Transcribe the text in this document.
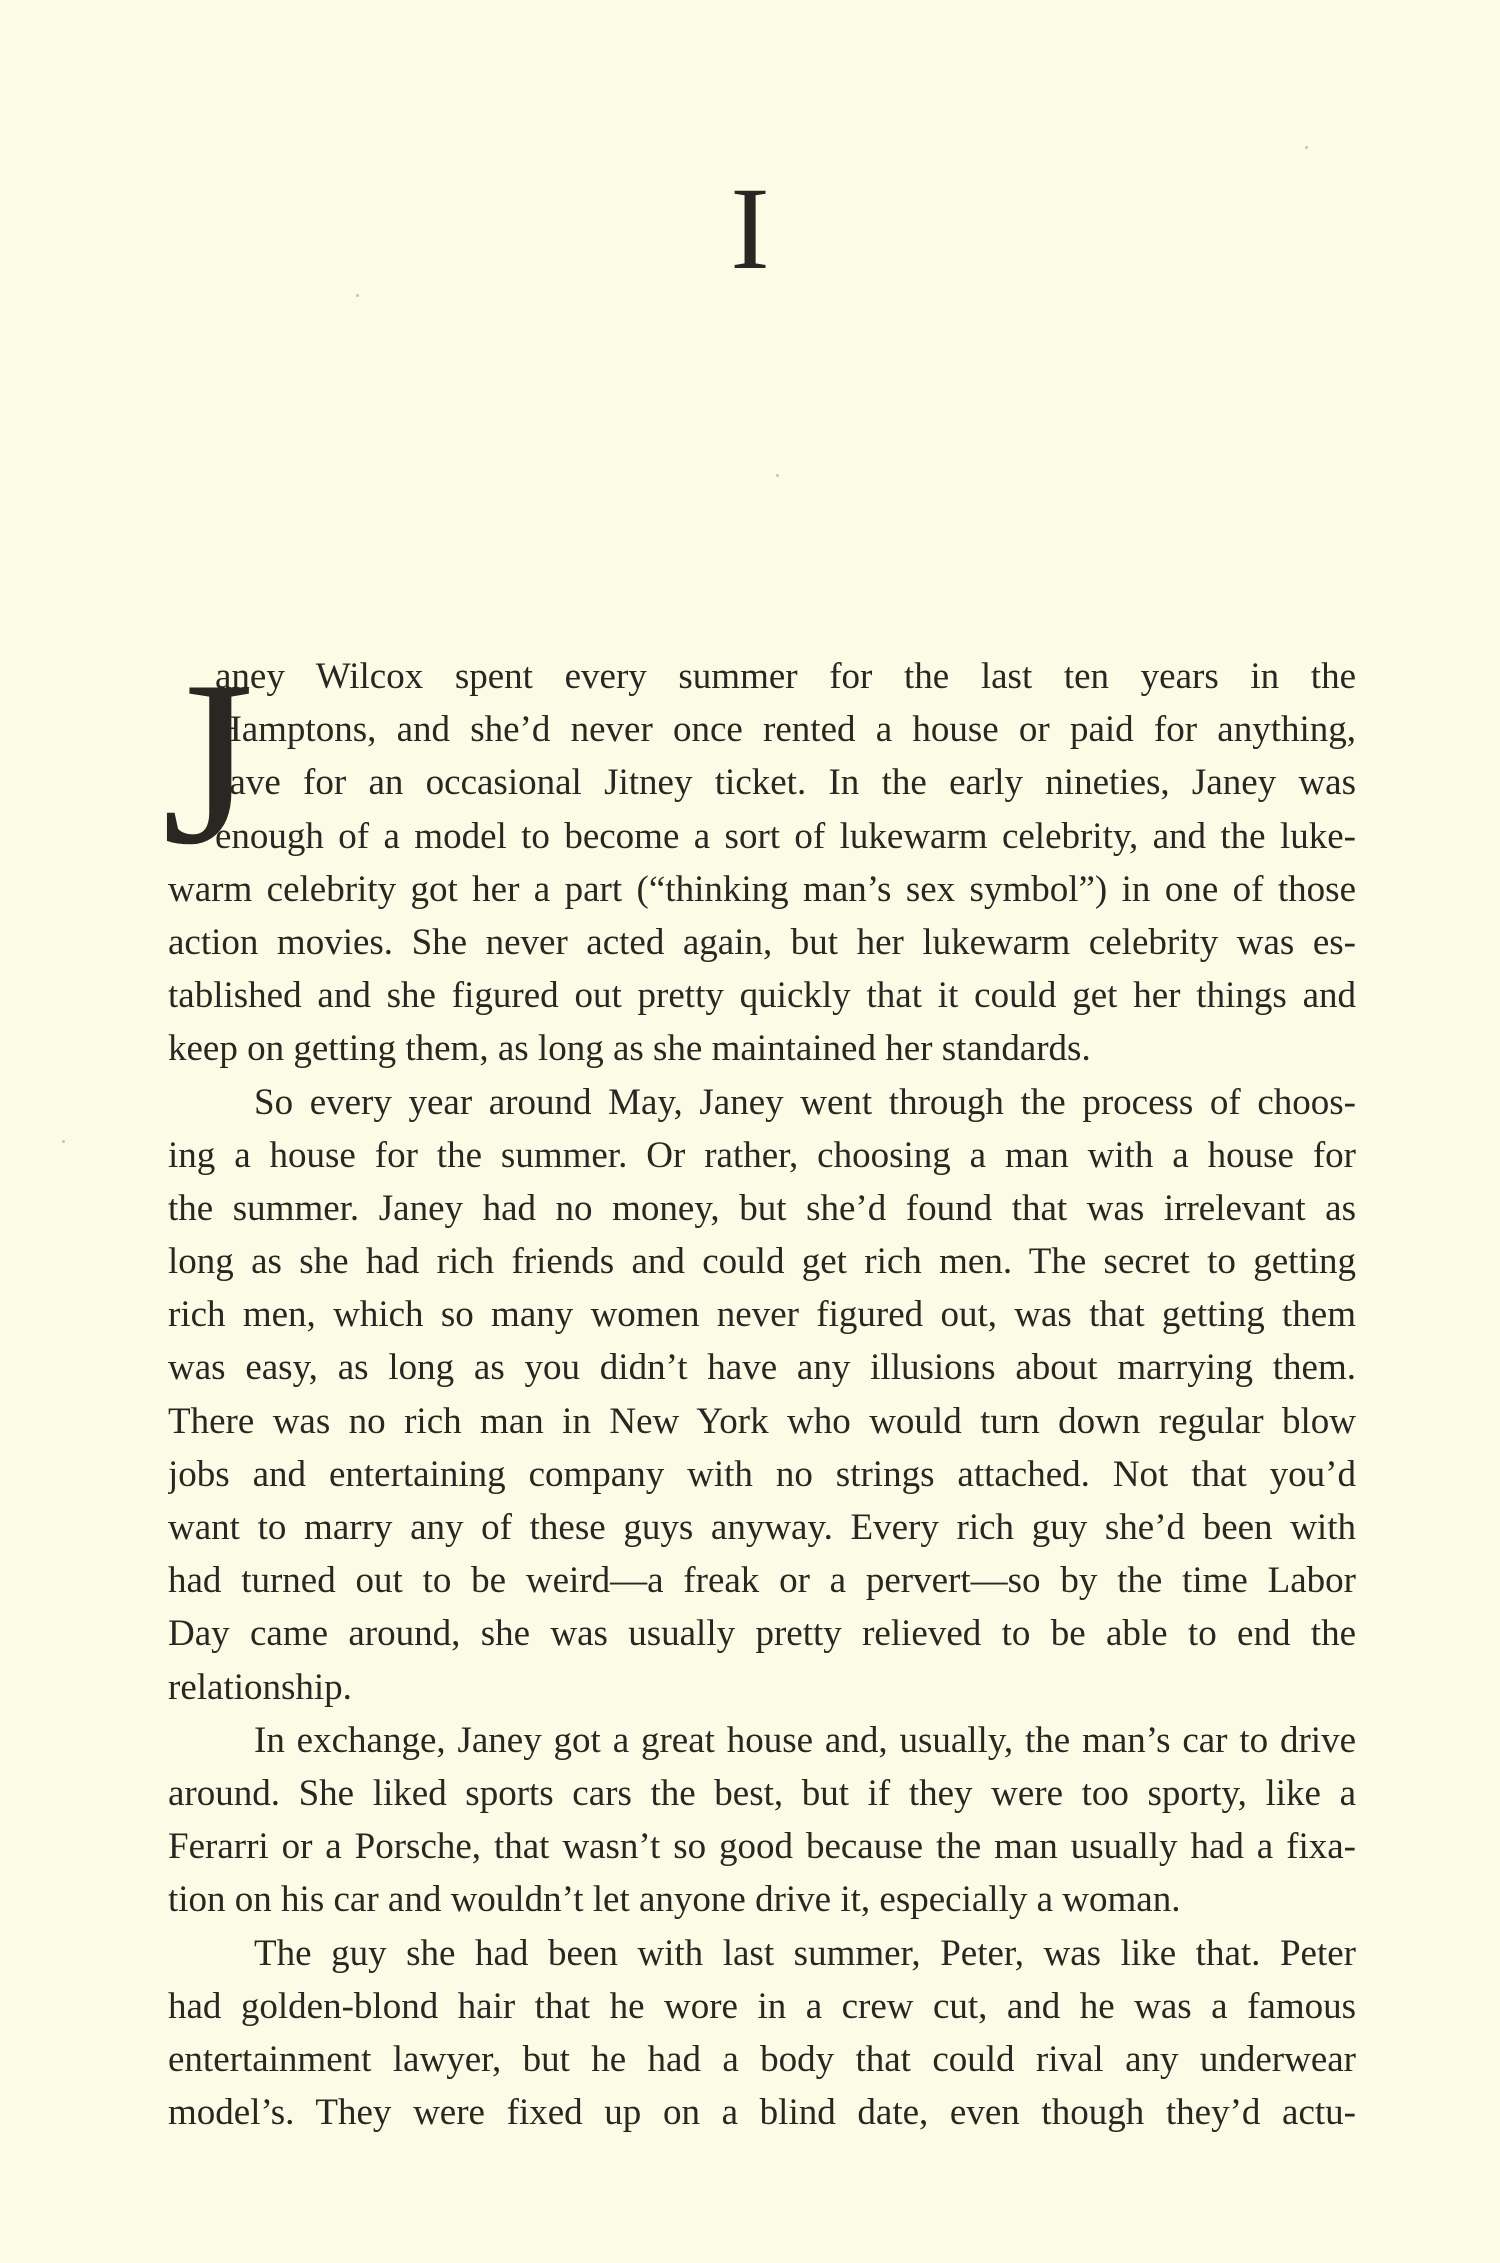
I
J
aney Wilcox spent every summer for the last ten years in the
Hamptons, and she’d never once rented a house or paid for anything,
save for an occasional Jitney ticket. In the early nineties, Janey was
enough of a model to become a sort of lukewarm celebrity, and the luke-
warm celebrity got her a part (“thinking man’s sex symbol”) in one of those
action movies. She never acted again, but her lukewarm celebrity was es-
tablished and she figured out pretty quickly that it could get her things and
keep on getting them, as long as she maintained her standards.
So every year around May, Janey went through the process of choos-
ing a house for the summer. Or rather, choosing a man with a house for
the summer. Janey had no money, but she’d found that was irrelevant as
long as she had rich friends and could get rich men. The secret to getting
rich men, which so many women never figured out, was that getting them
was easy, as long as you didn’t have any illusions about marrying them.
There was no rich man in New York who would turn down regular blow
jobs and entertaining company with no strings attached. Not that you’d
want to marry any of these guys anyway. Every rich guy she’d been with
had turned out to be weird—a freak or a pervert—so by the time Labor
Day came around, she was usually pretty relieved to be able to end the
relationship.
In exchange, Janey got a great house and, usually, the man’s car to drive
around. She liked sports cars the best, but if they were too sporty, like a
Ferarri or a Porsche, that wasn’t so good because the man usually had a fixa-
tion on his car and wouldn’t let anyone drive it, especially a woman.
The guy she had been with last summer, Peter, was like that. Peter
had golden-blond hair that he wore in a crew cut, and he was a famous
entertainment lawyer, but he had a body that could rival any underwear
model’s. They were fixed up on a blind date, even though they’d actu-
